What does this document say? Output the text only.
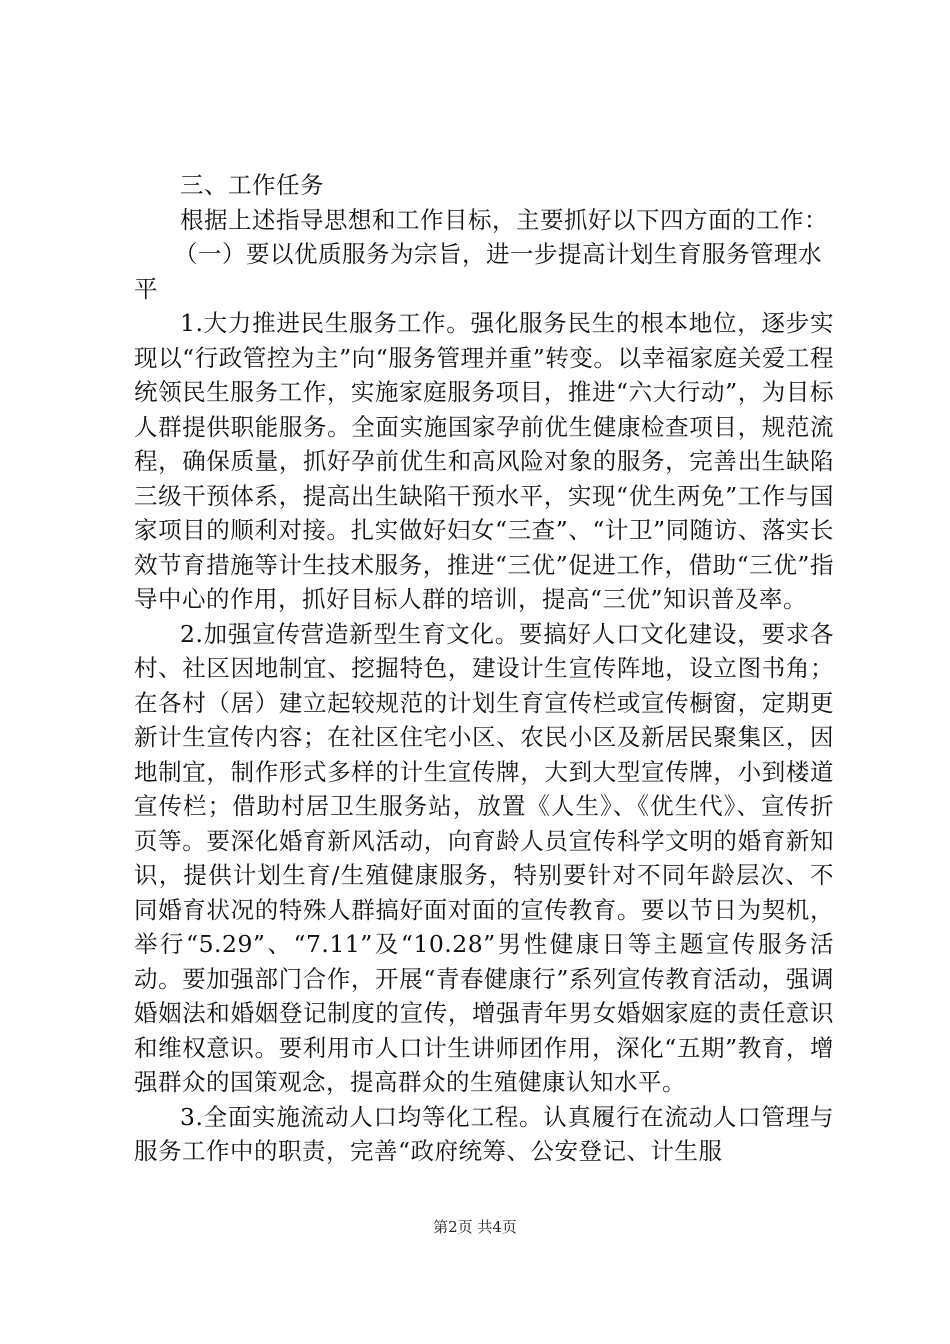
三、工作任务

根据上述指导思想和工作目标，主要抓好以下四方面的工作：

（一）要以优质服务为宗旨，进一步提高计划生育服务管理水平

1.大力推进民生服务工作。强化服务民生的根本地位，逐步实现以“行政管控为主”向“服务管理并重”转变。以幸福家庭关爱工程统领民生服务工作，实施家庭服务项目，推进“六大行动”，为目标人群提供职能服务。全面实施国家孕前优生健康检查项目，规范流程，确保质量，抓好孕前优生和高风险对象的服务，完善出生缺陷三级干预体系，提高出生缺陷干预水平，实现“优生两免”工作与国家项目的顺利对接。扎实做好妇女“三查”、“计卫”同随访、落实长效节育措施等计生技术服务，推进“三优”促进工作，借助“三优”指导中心的作用，抓好目标人群的培训，提高“三优”知识普及率。

2.加强宣传营造新型生育文化。要搞好人口文化建设，要求各村、社区因地制宜、挖掘特色，建设计生宣传阵地，设立图书角；在各村（居）建立起较规范的计划生育宣传栏或宣传橱窗，定期更新计生宣传内容；在社区住宅小区、农民小区及新居民聚集区，因地制宜，制作形式多样的计生宣传牌，大到大型宣传牌，小到楼道宣传栏；借助村居卫生服务站，放置《人生》、《优生代》、宣传折页等。要深化婚育新风活动，向育龄人员宣传科学文明的婚育新知识，提供计划生育/生殖健康服务，特别要针对不同年龄层次、不同婚育状况的特殊人群搞好面对面的宣传教育。要以节日为契机，举行“5.29”、“7.11”及“10.28”男性健康日等主题宣传服务活动。要加强部门合作，开展“青春健康行”系列宣传教育活动，强调婚姻法和婚姻登记制度的宣传，增强青年男女婚姻家庭的责任意识和维权意识。要利用市人口计生讲师团作用，深化“五期”教育，增强群众的国策观念，提高群众的生殖健康认知水平。

3.全面实施流动人口均等化工程。认真履行在流动人口管理与服务工作中的职责，完善“政府统筹、公安登记、计生服

第2页 共4页
